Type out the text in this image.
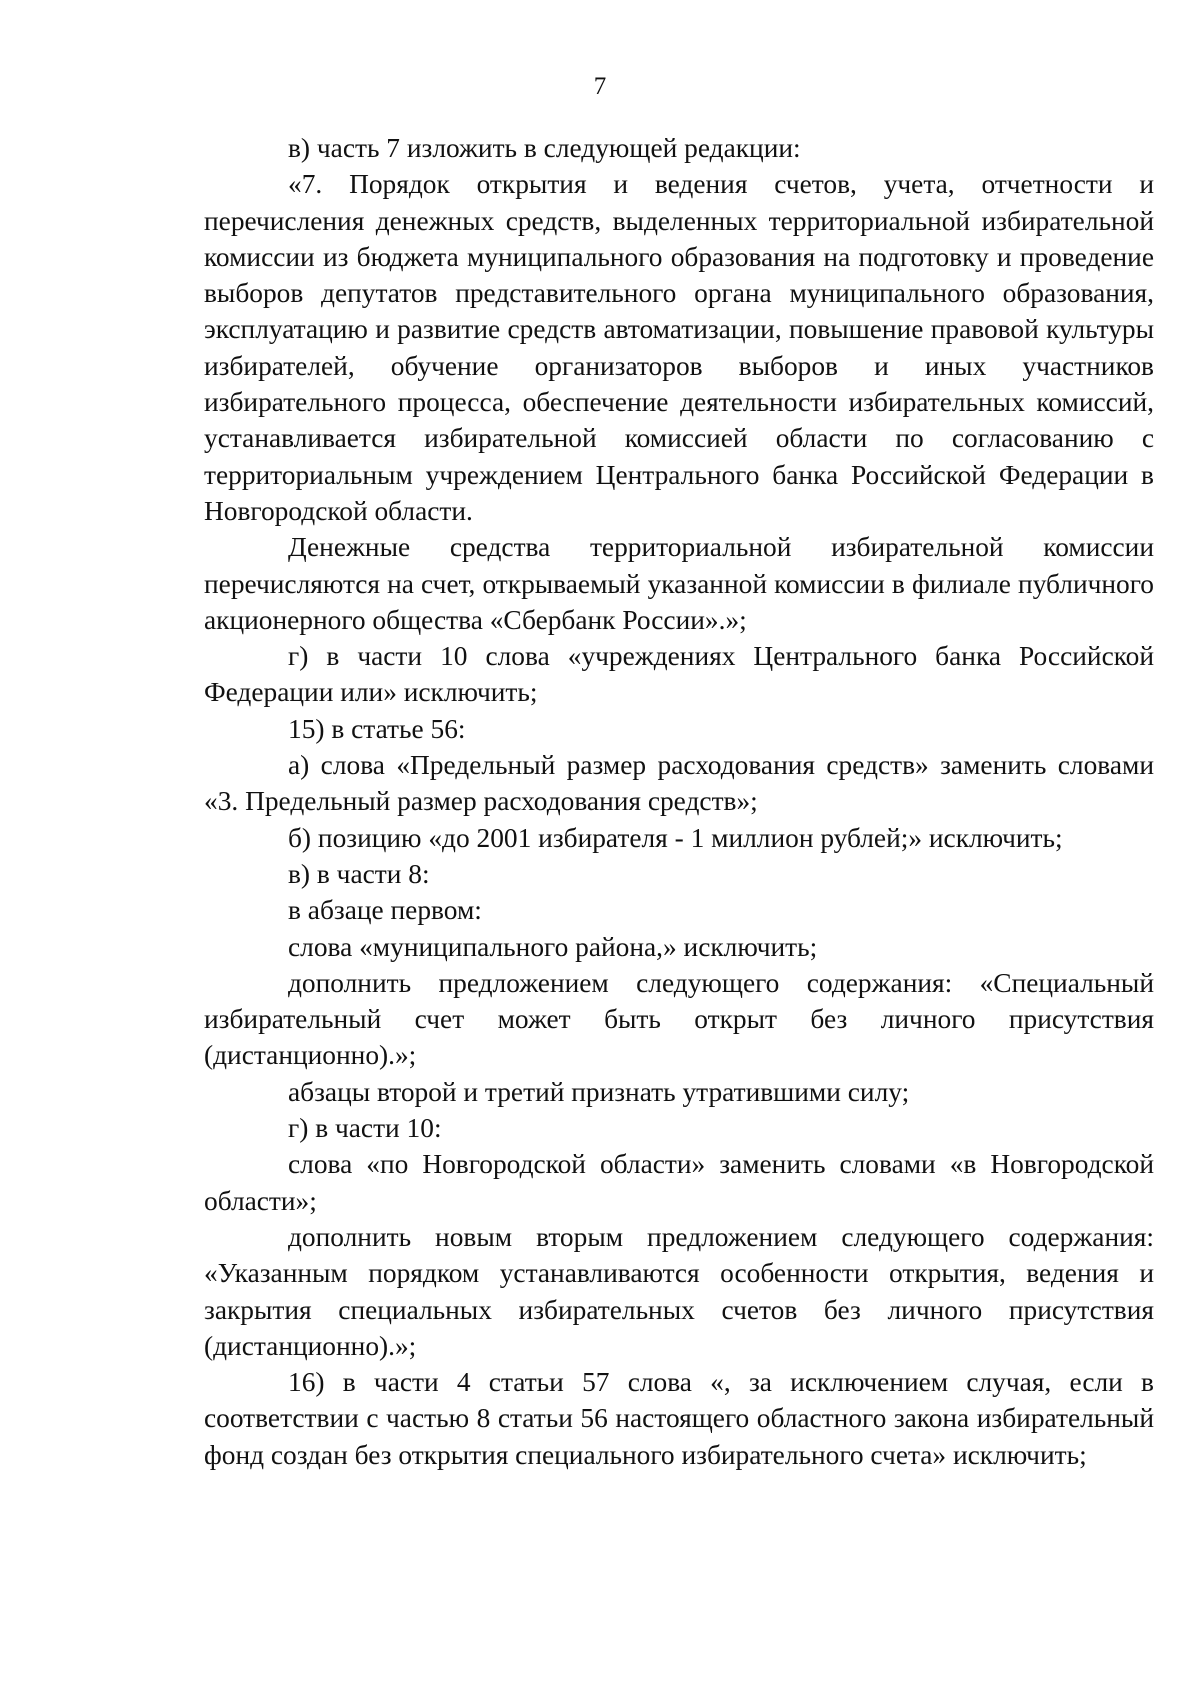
7

в) часть 7 изложить в следующей редакции:

«7. Порядок открытия и ведения счетов, учета, отчетности и перечисления денежных средств, выделенных территориальной избирательной комиссии из бюджета муниципального образования на подготовку и проведение выборов депутатов представительного органа муниципального образования, эксплуатацию и развитие средств автоматизации, повышение правовой культуры избирателей, обучение организаторов выборов и иных участников избирательного процесса, обеспечение деятельности избирательных комиссий, устанавливается избирательной комиссией области по согласованию с территориальным учреждением Центрального банка Российской Федерации в Новгородской области.

Денежные средства территориальной избирательной комиссии перечисляются на счет, открываемый указанной комиссии в филиале публичного акционерного общества «Сбербанк России».»;

г) в части 10 слова «учреждениях Центрального банка Российской Федерации или» исключить;

15) в статье 56:

а) слова «Предельный размер расходования средств» заменить словами «3. Предельный размер расходования средств»;

б) позицию «до 2001 избирателя - 1 миллион рублей;» исключить;

в) в части 8:

в абзаце первом:

слова «муниципального района,» исключить;

дополнить предложением следующего содержания: «Специальный избирательный счет может быть открыт без личного присутствия (дистанционно).»;

абзацы второй и третий признать утратившими силу;

г) в части 10:

слова «по Новгородской области» заменить словами «в Новгородской области»;

дополнить новым вторым предложением следующего содержания: «Указанным порядком устанавливаются особенности открытия, ведения и закрытия специальных избирательных счетов без личного присутствия (дистанционно).»;

16) в части 4 статьи 57 слова «, за исключением случая, если в соответствии с частью 8 статьи 56 настоящего областного закона избирательный фонд создан без открытия специального избирательного счета» исключить;
